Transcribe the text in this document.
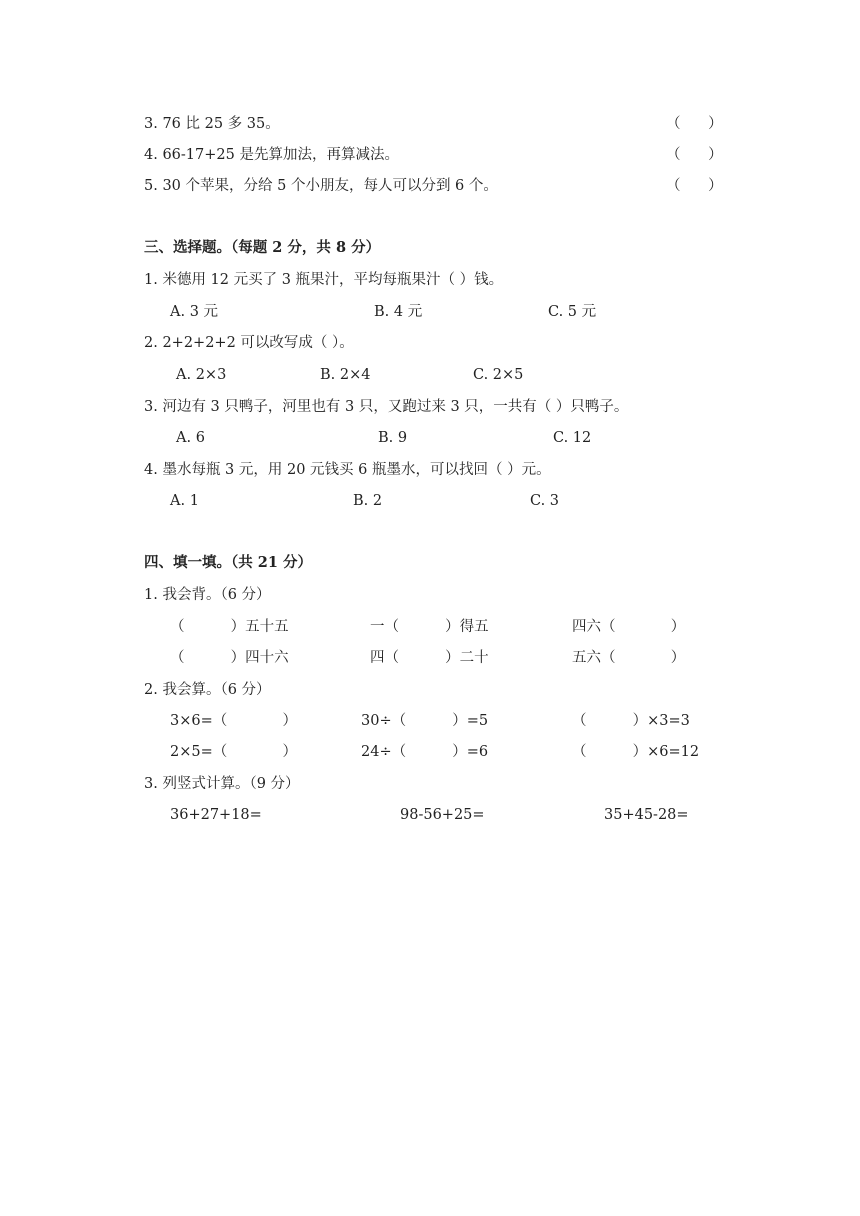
3. 76 比 25 多 35。	（      ）
4. 66-17+25 是先算加法，再算减法。	（      ）
5. 30 个苹果，分给 5 个小朋友，每人可以分到 6 个。	（      ）
三、选择题。（每题 2 分，共 8 分）
1. 米德用 12 元买了 3 瓶果汁，平均每瓶果汁（ ）钱。
A. 3 元	B. 4 元	C. 5 元
2. 2+2+2+2 可以改写成（ ）。
A. 2×3	B. 2×4	C. 2×5
3. 河边有 3 只鸭子，河里也有 3 只，又跑过来 3 只，一共有（ ）只鸭子。
A. 6	B. 9	C. 12
4. 墨水每瓶 3 元，用 20 元钱买 6 瓶墨水，可以找回（ ）元。
A. 1	B. 2	C. 3
四、填一填。（共 21 分）
1. 我会背。（6 分）
（          ）五十五	一（          ）得五	四六（            ）
（          ）四十六	四（          ）二十	五六（            ）
2. 我会算。（6 分）
3×6=（            ）	30÷（          ）=5	（          ）×3=3
2×5=（            ）	24÷（          ）=6	（          ）×6=12
3. 列竖式计算。（9 分）
36+27+18=	98-56+25=	35+45-28=
